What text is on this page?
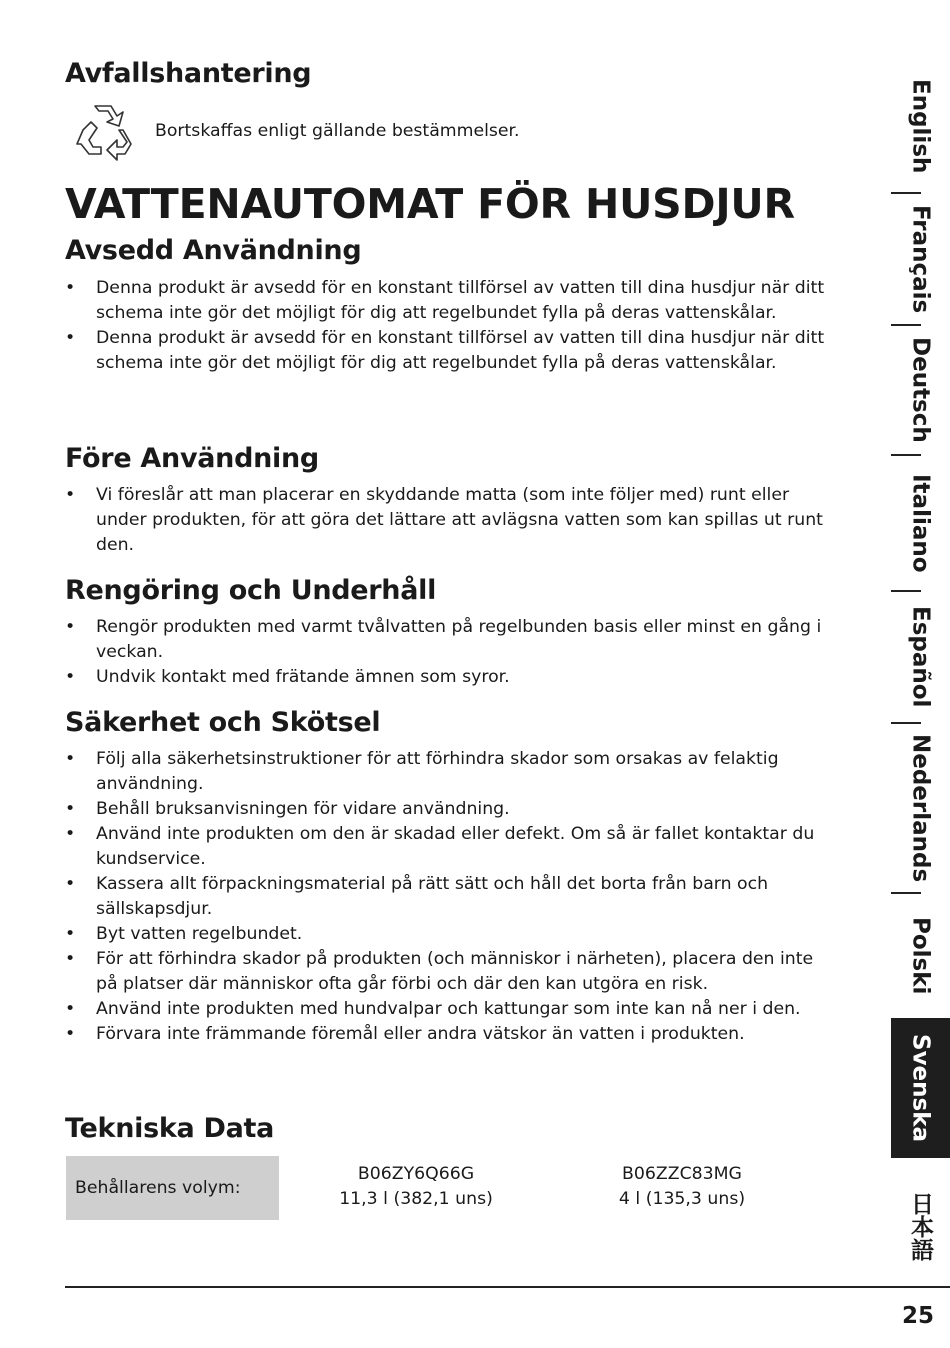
Avfallshantering
Bortskaffas enligt gällande bestämmelser.
VATTENAUTOMAT FÖR HUSDJUR
Avsedd Användning
• Denna produkt är avsedd för en konstant tillförsel av vatten till dina husdjur när ditt schema inte gör det möjligt för dig att regelbundet fylla på deras vattenskålar.
• Denna produkt är avsedd för en konstant tillförsel av vatten till dina husdjur när ditt schema inte gör det möjligt för dig att regelbundet fylla på deras vattenskålar.
Före Användning
• Vi föreslår att man placerar en skyddande matta (som inte följer med) runt eller under produkten, för att göra det lättare att avlägsna vatten som kan spillas ut runt den.
Rengöring och Underhåll
• Rengör produkten med varmt tvålvatten på regelbunden basis eller minst en gång i veckan.
• Undvik kontakt med frätande ämnen som syror.
Säkerhet och Skötsel
• Följ alla säkerhetsinstruktioner för att förhindra skador som orsakas av felaktig användning.
• Behåll bruksanvisningen för vidare användning.
• Använd inte produkten om den är skadad eller defekt. Om så är fallet kontaktar du kundservice.
• Kassera allt förpackningsmaterial på rätt sätt och håll det borta från barn och sällskapsdjur.
• Byt vatten regelbundet.
• För att förhindra skador på produkten (och människor i närheten), placera den inte på platser där människor ofta går förbi och där den kan utgöra en risk.
• Använd inte produkten med hundvalpar och kattungar som inte kan nå ner i den.
• Förvara inte främmande föremål eller andra vätskor än vatten i produkten.
Tekniska Data
Behållarens volym:
B06ZY6Q66G
11,3 l (382,1 uns)
B06ZZC83MG
4 l (135,3 uns)
English
Français
Deutsch
Italiano
Español
Nederlands
Polski
Svenska
日本語
25
